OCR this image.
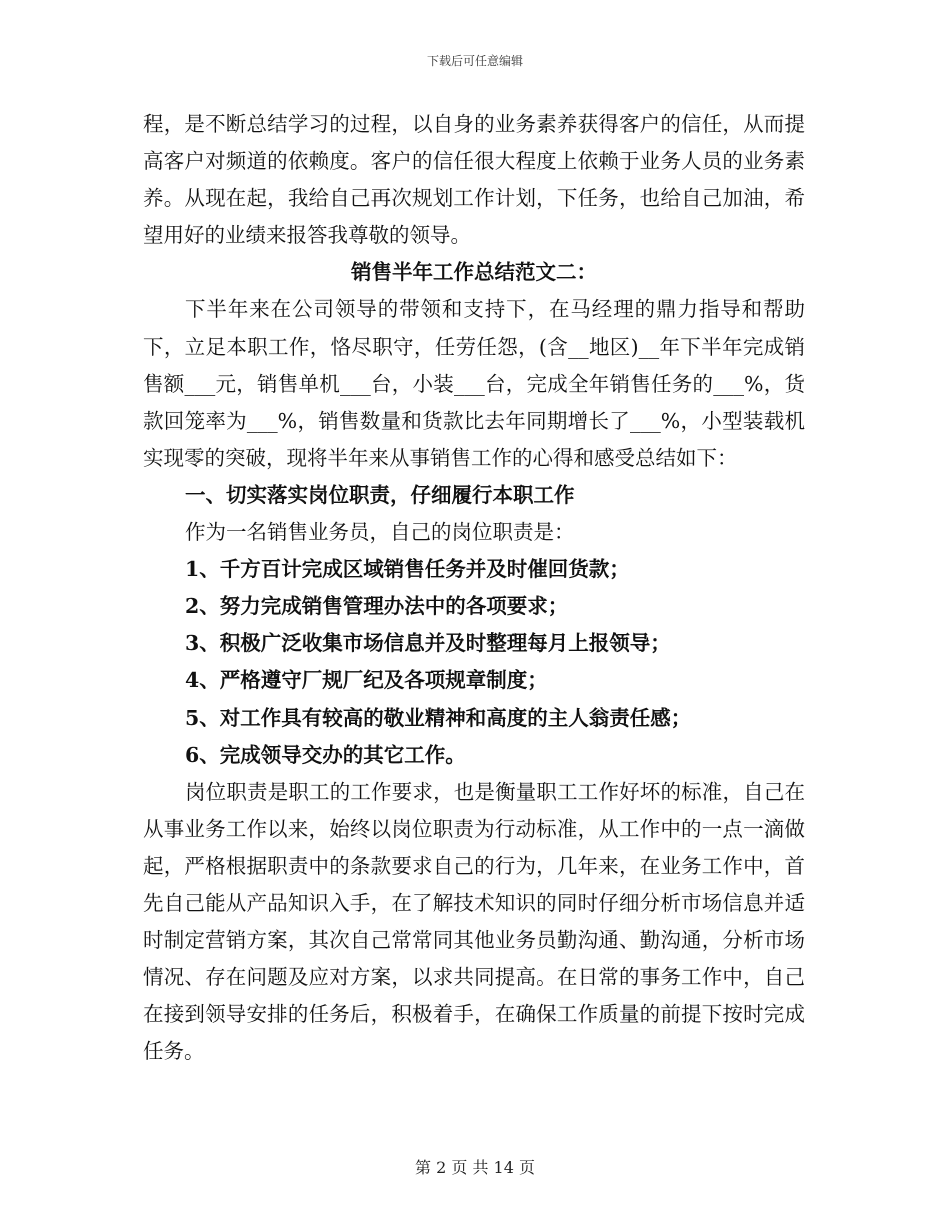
下载后可任意编辑

程，是不断总结学习的过程，以自身的业务素养获得客户的信任，从而提高客户对频道的依赖度。客户的信任很大程度上依赖于业务人员的业务素养。从现在起，我给自己再次规划工作计划，下任务，也给自己加油，希望用好的业绩来报答我尊敬的领导。

销售半年工作总结范文二：

下半年来在公司领导的带领和支持下，在马经理的鼎力指导和帮助下，立足本职工作，恪尽职守，任劳任怨，(含__地区)__年下半年完成销售额___元，销售单机___台，小装___台，完成全年销售任务的___%，货款回笼率为___%，销售数量和货款比去年同期增长了___%，小型装载机实现零的突破，现将半年来从事销售工作的心得和感受总结如下：

一、切实落实岗位职责，仔细履行本职工作

作为一名销售业务员，自己的岗位职责是：

1、千方百计完成区域销售任务并及时催回货款；

2、努力完成销售管理办法中的各项要求；

3、积极广泛收集市场信息并及时整理每月上报领导；

4、严格遵守厂规厂纪及各项规章制度；

5、对工作具有较高的敬业精神和高度的主人翁责任感；

6、完成领导交办的其它工作。

岗位职责是职工的工作要求，也是衡量职工工作好坏的标准，自己在从事业务工作以来，始终以岗位职责为行动标准，从工作中的一点一滴做起，严格根据职责中的条款要求自己的行为，几年来，在业务工作中，首先自己能从产品知识入手，在了解技术知识的同时仔细分析市场信息并适时制定营销方案，其次自己常常同其他业务员勤沟通、勤沟通，分析市场情况、存在问题及应对方案，以求共同提高。在日常的事务工作中，自己在接到领导安排的任务后，积极着手，在确保工作质量的前提下按时完成任务。

第 2 页 共 14 页
